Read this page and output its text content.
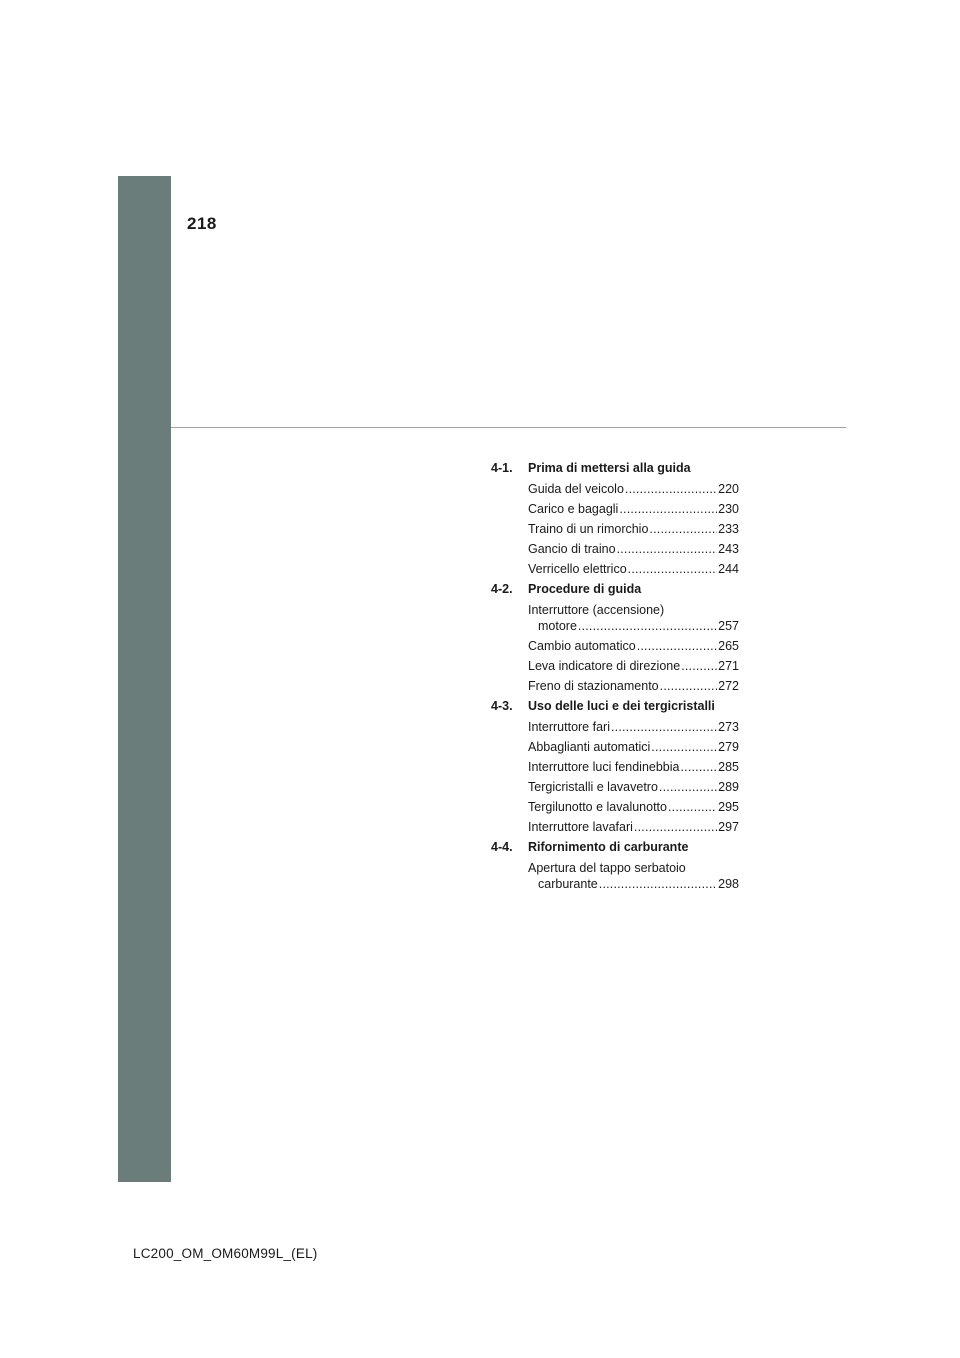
218
4-1.	Prima di mettersi alla guida
Guida del veicolo .....	220
Carico e bagagli .....	230
Traino di un rimorchio .....	233
Gancio di traino .....	243
Verricello elettrico .....	244
4-2.	Procedure di guida
Interruttore (accensione)
motore .....	257
Cambio automatico .....	265
Leva indicatore di direzione .....	271
Freno di stazionamento .....	272
4-3.	Uso delle luci e dei tergicristalli
Interruttore fari .....	273
Abbaglianti automatici .....	279
Interruttore luci fendinebbia .....	285
Tergicristalli e lavavetro .....	289
Tergilunotto e lavalunotto .....	295
Interruttore lavafari .....	297
4-4.	Rifornimento di carburante
Apertura del tappo serbatoio
carburante .....	298
LC200_OM_OM60M99L_(EL)
